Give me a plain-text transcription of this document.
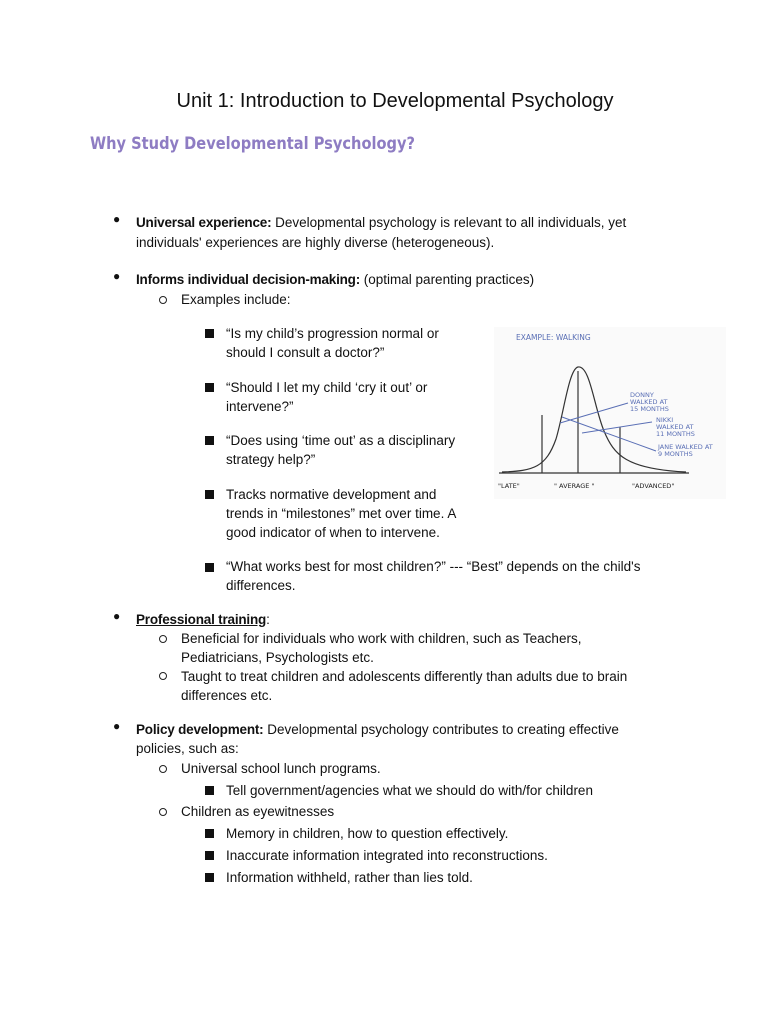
Unit 1: Introduction to Developmental Psychology
Why Study Developmental Psychology?
● Universal experience: Developmental psychology is relevant to all individuals, yet

individuals' experiences are highly diverse (heterogeneous).

● Informs individual decision-making: (optimal parenting practices)

Examples include:

“Is my child’s progression normal or

should I consult a doctor?”

“Should I let my child ‘cry it out’ or

intervene?”

“Does using ‘time out’ as a disciplinary

strategy help?”

Tracks normative development and

trends in “milestones” met over time. A

good indicator of when to intervene.

“What works best for most children?” --- “Best” depends on the child's

differences.

EXAMPLE: WALKING
DONNY
WALKED AT
15 MONTHS
NIKKI
WALKED AT
11 MONTHS
JANE WALKED AT
9 MONTHS
"LATE"	" AVERAGE "	"ADVANCED"
● Professional training:

Beneficial for individuals who work with children, such as Teachers,

Pediatricians, Psychologists etc.

Taught to treat children and adolescents differently than adults due to brain

differences etc.

● Policy development: Developmental psychology contributes to creating effective

policies, such as:

Universal school lunch programs.

Tell government/agencies what we should do with/for children

Children as eyewitnesses

Memory in children, how to question effectively.

Inaccurate information integrated into reconstructions.

Information withheld, rather than lies told.
